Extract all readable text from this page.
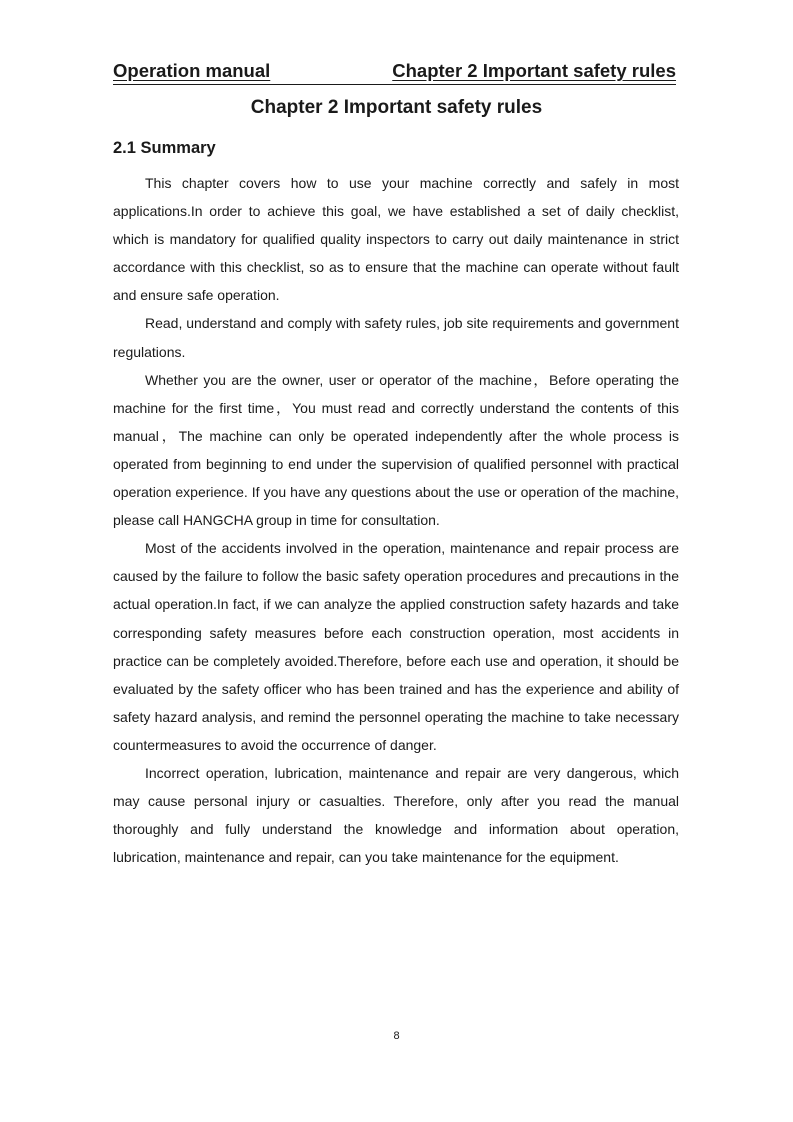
Operation manual	Chapter 2 Important safety rules
Chapter 2 Important safety rules
2.1 Summary

This chapter covers how to use your machine correctly and safely in most applications.In order to achieve this goal, we have established a set of daily checklist, which is mandatory for qualified quality inspectors to carry out daily maintenance in strict accordance with this checklist, so as to ensure that the machine can operate without fault and ensure safe operation.

Read, understand and comply with safety rules, job site requirements and government regulations.

Whether you are the owner, user or operator of the machine，Before operating the machine for the first time，You must read and correctly understand the contents of this manual，The machine can only be operated independently after the whole process is operated from beginning to end under the supervision of qualified personnel with practical operation experience. If you have any questions about the use or operation of the machine, please call HANGCHA group in time for consultation.

Most of the accidents involved in the operation, maintenance and repair process are caused by the failure to follow the basic safety operation procedures and precautions in the actual operation.In fact, if we can analyze the applied construction safety hazards and take corresponding safety measures before each construction operation, most accidents in practice can be completely avoided.Therefore, before each use and operation, it should be evaluated by the safety officer who has been trained and has the experience and ability of safety hazard analysis, and remind the personnel operating the machine to take necessary countermeasures to avoid the occurrence of danger.

Incorrect operation, lubrication, maintenance and repair are very dangerous, which may cause personal injury or casualties. Therefore, only after you read the manual thoroughly and fully understand the knowledge and information about operation, lubrication, maintenance and repair, can you take maintenance for the equipment.

8
